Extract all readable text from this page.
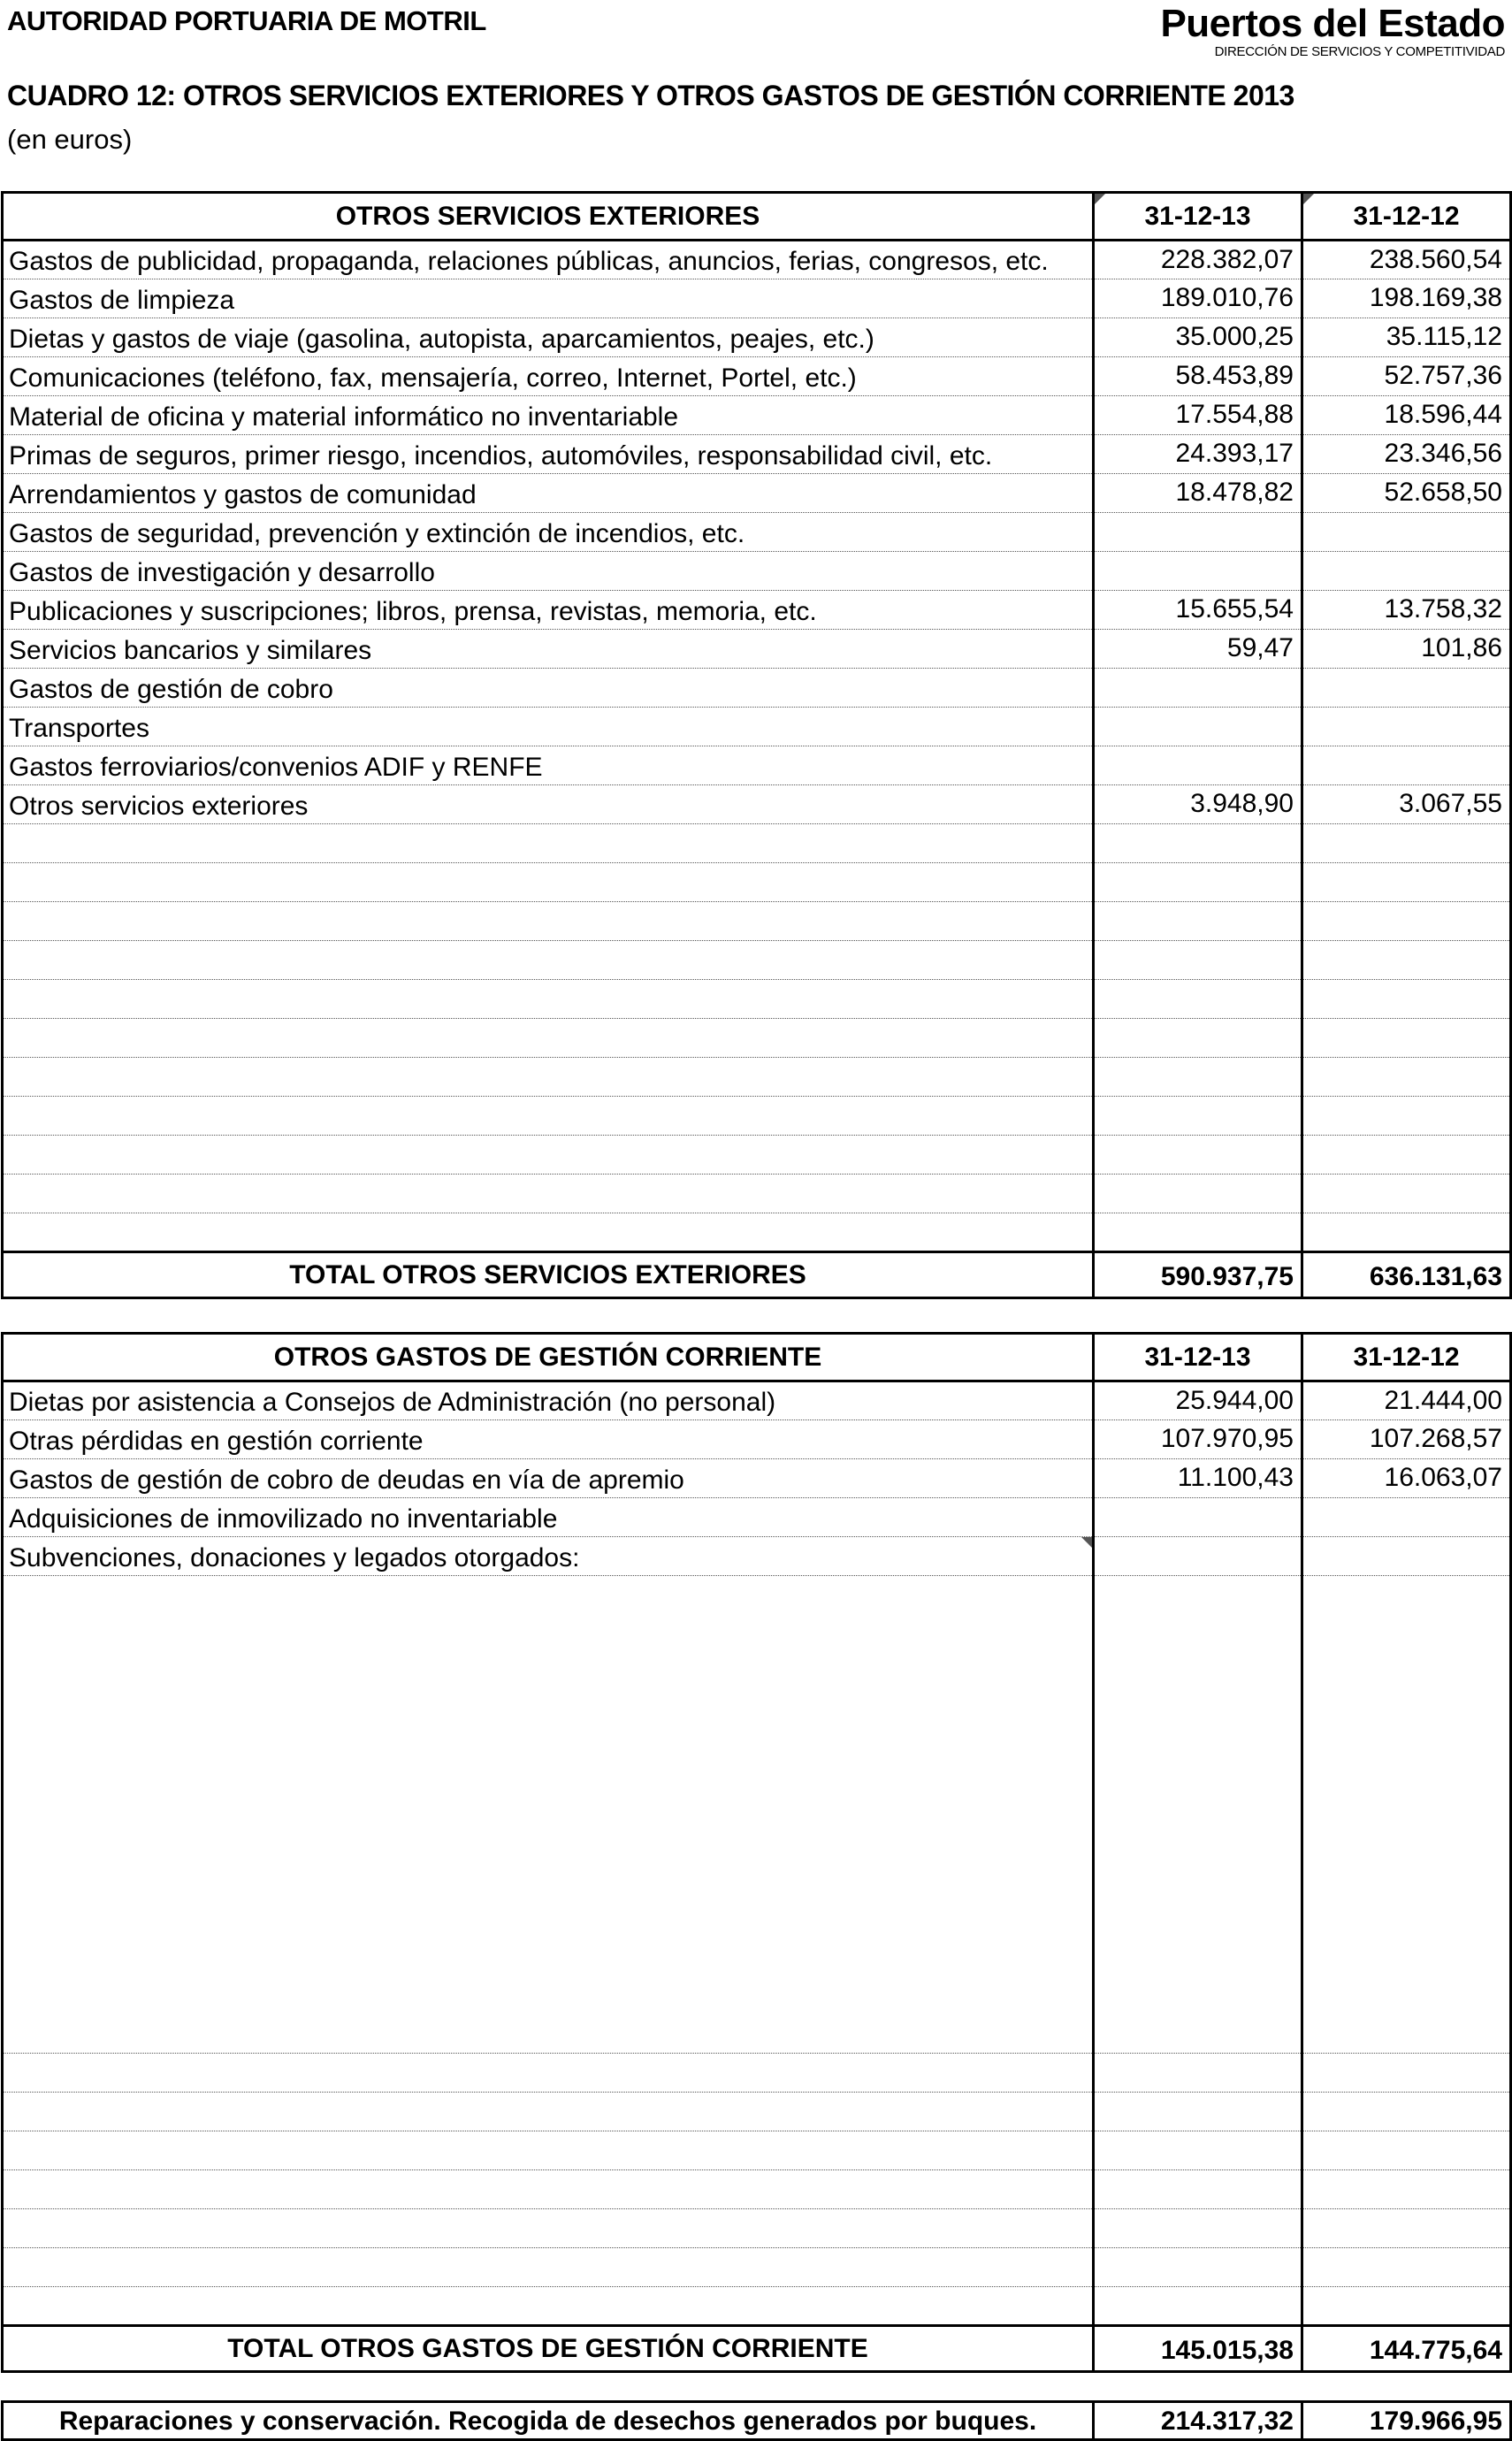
AUTORIDAD PORTUARIA DE MOTRIL	Puertos del Estado
DIRECCIÓN DE SERVICIOS Y COMPETITIVIDAD
CUADRO 12: OTROS SERVICIOS EXTERIORES Y OTROS GASTOS DE GESTIÓN CORRIENTE 2013
(en euros)
OTROS SERVICIOS EXTERIORES	31-12-13	31-12-12
Gastos de publicidad, propaganda, relaciones públicas, anuncios, ferias, congresos, etc.	228.382,07	238.560,54
Gastos de limpieza	189.010,76	198.169,38
Dietas y gastos de viaje (gasolina, autopista, aparcamientos, peajes, etc.)	35.000,25	35.115,12
Comunicaciones (teléfono, fax, mensajería, correo, Internet, Portel, etc.)	58.453,89	52.757,36
Material de oficina y material informático no inventariable	17.554,88	18.596,44
Primas de seguros, primer riesgo, incendios, automóviles, responsabilidad civil, etc.	24.393,17	23.346,56
Arrendamientos y gastos de comunidad	18.478,82	52.658,50
Gastos de seguridad, prevención y extinción de incendios, etc.		
Gastos de investigación y desarrollo		
Publicaciones y suscripciones; libros, prensa, revistas, memoria, etc.	15.655,54	13.758,32
Servicios bancarios y similares	59,47	101,86
Gastos de gestión de cobro		
Transportes		
Gastos ferroviarios/convenios ADIF y RENFE		
Otros servicios exteriores	3.948,90	3.067,55

TOTAL OTROS SERVICIOS EXTERIORES	590.937,75	636.131,63
OTROS GASTOS DE GESTIÓN CORRIENTE	31-12-13	31-12-12
Dietas por asistencia a Consejos de Administración (no personal)	25.944,00	21.444,00
Otras pérdidas en gestión corriente	107.970,95	107.268,57
Gastos de gestión de cobro de deudas en vía de apremio	11.100,43	16.063,07
Adquisiciones de inmovilizado no inventariable		
Subvenciones, donaciones y legados otorgados:		

TOTAL OTROS GASTOS DE GESTIÓN CORRIENTE	145.015,38	144.775,64
Reparaciones y conservación. Recogida de desechos generados por buques.	214.317,32	179.966,95
